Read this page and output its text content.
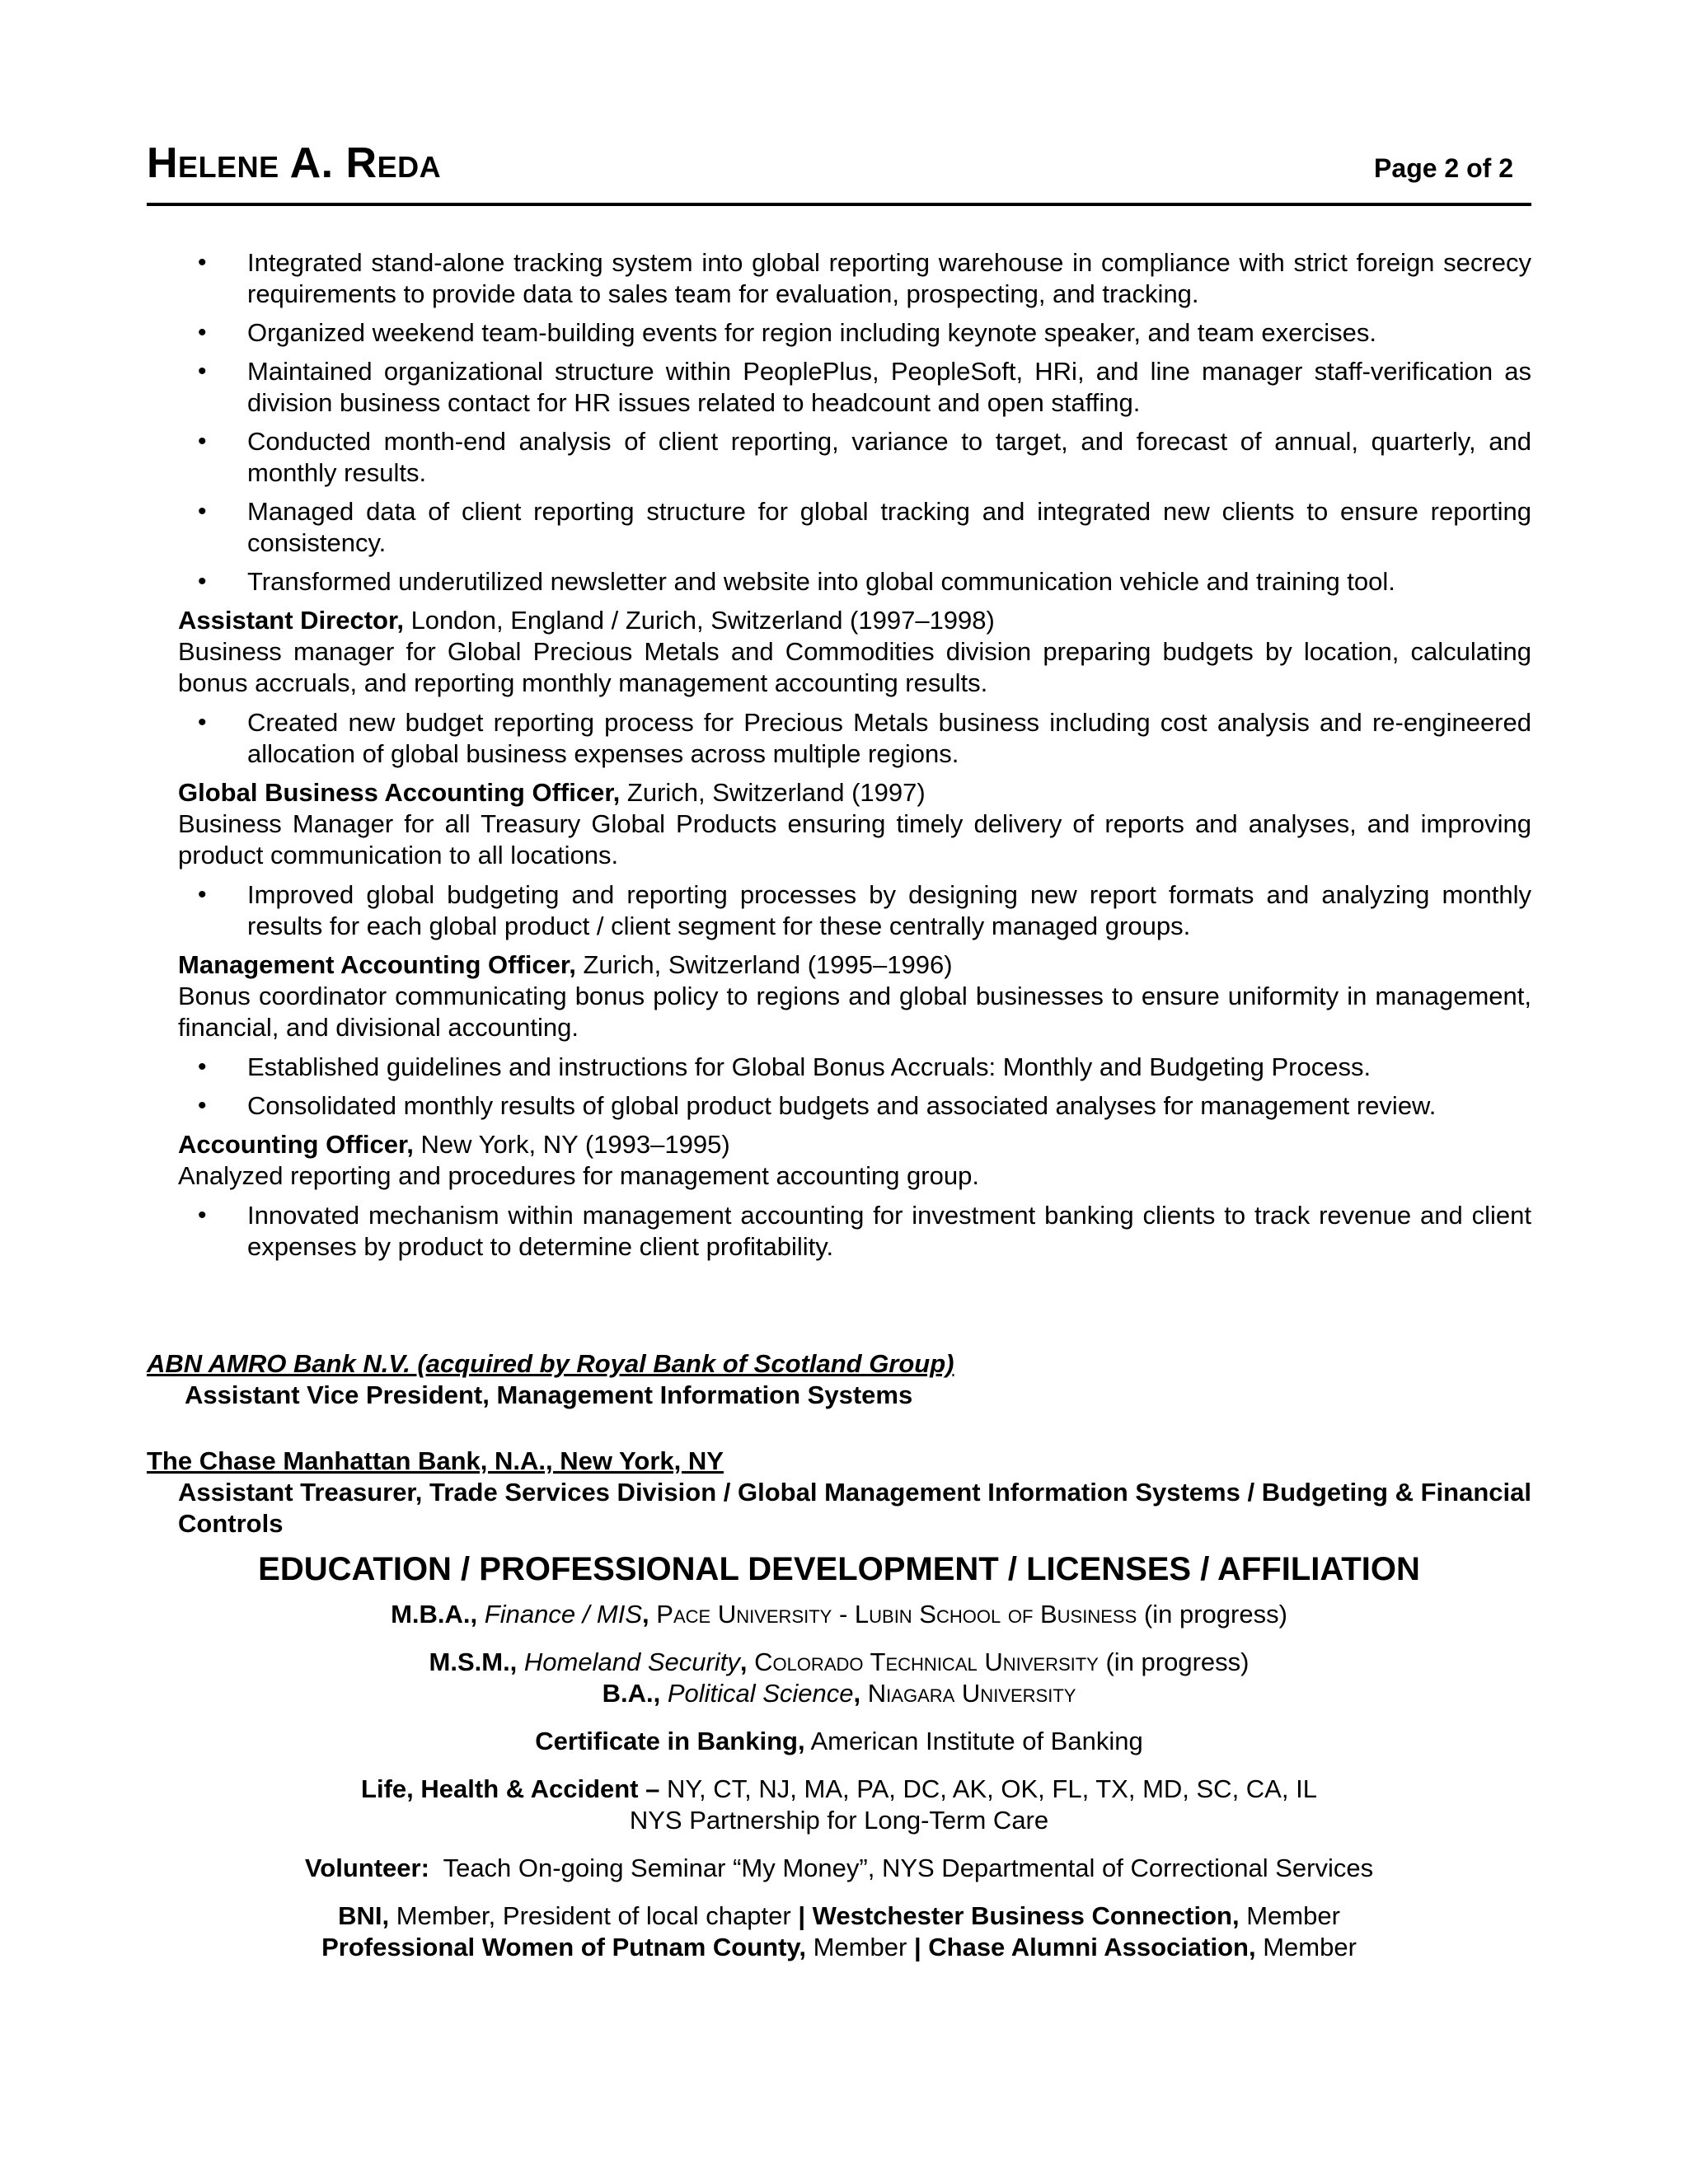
Helene A. Reda	Page 2 of 2
• Integrated stand-alone tracking system into global reporting warehouse in compliance with strict foreign secrecy requirements to provide data to sales team for evaluation, prospecting, and tracking.
• Organized weekend team-building events for region including keynote speaker, and team exercises.
• Maintained organizational structure within PeoplePlus, PeopleSoft, HRi, and line manager staff-verification as division business contact for HR issues related to headcount and open staffing.
• Conducted month-end analysis of client reporting, variance to target, and forecast of annual, quarterly, and monthly results.
• Managed data of client reporting structure for global tracking and integrated new clients to ensure reporting consistency.
• Transformed underutilized newsletter and website into global communication vehicle and training tool.
Assistant Director, London, England / Zurich, Switzerland (1997–1998)
Business manager for Global Precious Metals and Commodities division preparing budgets by location, calculating bonus accruals, and reporting monthly management accounting results.
• Created new budget reporting process for Precious Metals business including cost analysis and re-engineered allocation of global business expenses across multiple regions.
Global Business Accounting Officer, Zurich, Switzerland (1997)
Business Manager for all Treasury Global Products ensuring timely delivery of reports and analyses, and improving product communication to all locations.
• Improved global budgeting and reporting processes by designing new report formats and analyzing monthly results for each global product / client segment for these centrally managed groups.
Management Accounting Officer, Zurich, Switzerland (1995–1996)
Bonus coordinator communicating bonus policy to regions and global businesses to ensure uniformity in management, financial, and divisional accounting.
• Established guidelines and instructions for Global Bonus Accruals: Monthly and Budgeting Process.
• Consolidated monthly results of global product budgets and associated analyses for management review.
Accounting Officer, New York, NY (1993–1995)
Analyzed reporting and procedures for management accounting group.
• Innovated mechanism within management accounting for investment banking clients to track revenue and client expenses by product to determine client profitability.
ABN AMRO Bank N.V. (acquired by Royal Bank of Scotland Group)
Assistant Vice President, Management Information Systems
The Chase Manhattan Bank, N.A., New York, NY
Assistant Treasurer, Trade Services Division / Global Management Information Systems / Budgeting & Financial Controls
EDUCATION / PROFESSIONAL DEVELOPMENT / LICENSES / AFFILIATION
M.B.A., Finance / MIS, Pace University - Lubin School of Business (in progress)
M.S.M., Homeland Security, Colorado Technical University (in progress)
B.A., Political Science, Niagara University
Certificate in Banking, American Institute of Banking
Life, Health & Accident – NY, CT, NJ, MA, PA, DC, AK, OK, FL, TX, MD, SC, CA, IL
NYS Partnership for Long-Term Care
Volunteer: Teach On-going Seminar “My Money”, NYS Departmental of Correctional Services
BNI, Member, President of local chapter | Westchester Business Connection, Member
Professional Women of Putnam County, Member | Chase Alumni Association, Member
